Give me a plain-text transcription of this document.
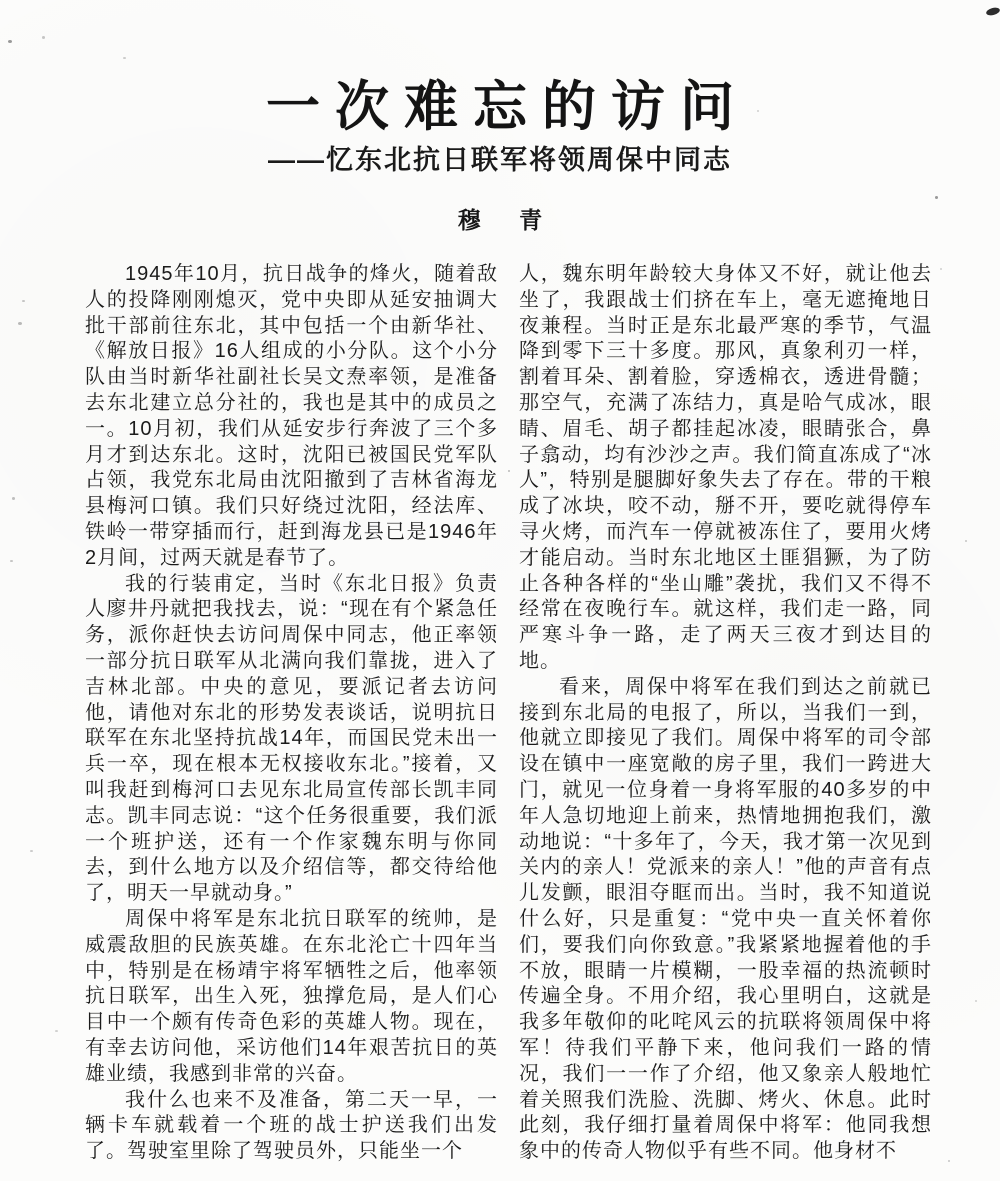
一次难忘的访问
——忆东北抗日联军将领周保中同志
穆 青

1945年10月，抗日战争的烽火，随着敌人的投降刚刚熄灭，党中央即从延安抽调大批干部前往东北，其中包括一个由新华社、《解放日报》16人组成的小分队。这个小分队由当时新华社副社长吴文焘率领，是准备去东北建立总分社的，我也是其中的成员之一。10月初，我们从延安步行奔波了三个多月才到达东北。这时，沈阳已被国民党军队占领，我党东北局由沈阳撤到了吉林省海龙县梅河口镇。我们只好绕过沈阳，经法库、铁岭一带穿插而行，赶到海龙县已是1946年2月间，过两天就是春节了。

我的行装甫定，当时《东北日报》负责人廖井丹就把我找去，说：“现在有个紧急任务，派你赶快去访问周保中同志，他正率领一部分抗日联军从北满向我们靠拢，进入了吉林北部。中央的意见，要派记者去访问他，请他对东北的形势发表谈话，说明抗日联军在东北坚持抗战14年，而国民党未出一兵一卒，现在根本无权接收东北。”接着，又叫我赶到梅河口去见东北局宣传部长凯丰同志。凯丰同志说：“这个任务很重要，我们派一个班护送，还有一个作家魏东明与你同去，到什么地方以及介绍信等，都交待给他了，明天一早就动身。”

周保中将军是东北抗日联军的统帅，是威震敌胆的民族英雄。在东北沦亡十四年当中，特别是在杨靖宇将军牺牲之后，他率领抗日联军，出生入死，独撑危局，是人们心目中一个颇有传奇色彩的英雄人物。现在，有幸去访问他，采访他们14年艰苦抗日的英雄业绩，我感到非常的兴奋。

我什么也来不及准备，第二天一早，一辆卡车就载着一个班的战士护送我们出发了。驾驶室里除了驾驶员外，只能坐一个

人，魏东明年龄较大身体又不好，就让他去坐了，我跟战士们挤在车上，毫无遮掩地日夜兼程。当时正是东北最严寒的季节，气温降到零下三十多度。那风，真象利刃一样，割着耳朵、割着脸，穿透棉衣，透进骨髓；那空气，充满了冻结力，真是哈气成冰，眼睛、眉毛、胡子都挂起冰凌，眼睛张合，鼻子翕动，均有沙沙之声。我们简直冻成了“冰人”，特别是腿脚好象失去了存在。带的干粮成了冰块，咬不动，掰不开，要吃就得停车寻火烤，而汽车一停就被冻住了，要用火烤才能启动。当时东北地区土匪猖獗，为了防止各种各样的“坐山雕”袭扰，我们又不得不经常在夜晚行车。就这样，我们走一路，同严寒斗争一路，走了两天三夜才到达目的地。

看来，周保中将军在我们到达之前就已接到东北局的电报了，所以，当我们一到，他就立即接见了我们。周保中将军的司令部设在镇中一座宽敞的房子里，我们一跨进大门，就见一位身着一身将军服的40多岁的中年人急切地迎上前来，热情地拥抱我们，激动地说：“十多年了，今天，我才第一次见到关内的亲人！党派来的亲人！”他的声音有点儿发颤，眼泪夺眶而出。当时，我不知道说什么好，只是重复：“党中央一直关怀着你们，要我们向你致意。”我紧紧地握着他的手不放，眼睛一片模糊，一股幸福的热流顿时传遍全身。不用介绍，我心里明白，这就是我多年敬仰的叱咤风云的抗联将领周保中将军！待我们平静下来，他问我们一路的情况，我们一一作了介绍，他又象亲人般地忙着关照我们洗脸、洗脚、烤火、休息。此时此刻，我仔细打量着周保中将军：他同我想象中的传奇人物似乎有些不同。他身材不
